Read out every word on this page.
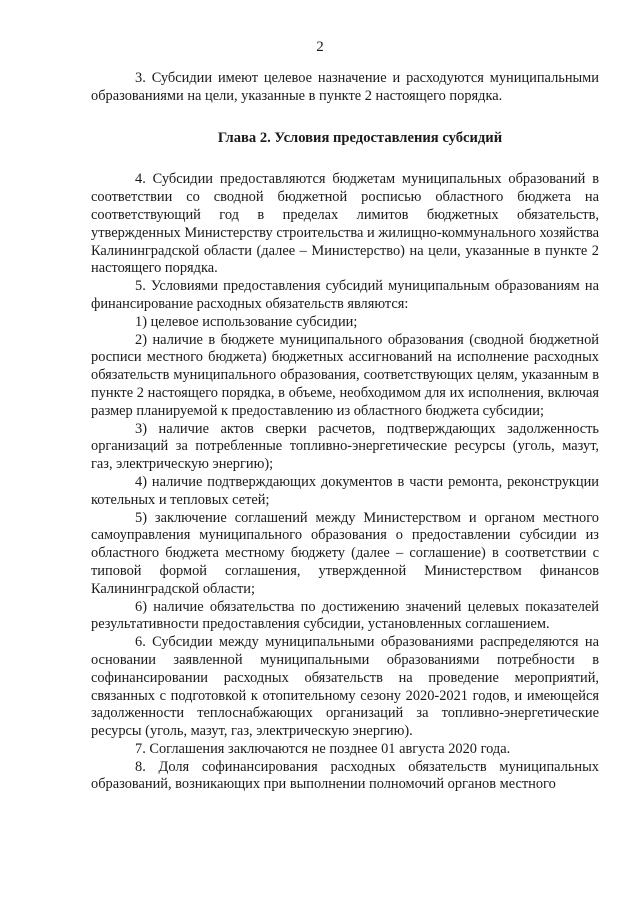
2

3. Субсидии имеют целевое назначение и расходуются муниципальными образованиями на цели, указанные в пункте 2 настоящего порядка.

Глава 2. Условия предоставления субсидий

4. Субсидии предоставляются бюджетам муниципальных образований в соответствии со сводной бюджетной росписью областного бюджета на соответствующий год в пределах лимитов бюджетных обязательств, утвержденных Министерству строительства и жилищно-коммунального хозяйства Калининградской области (далее – Министерство) на цели, указанные в пункте 2 настоящего порядка.

5. Условиями предоставления субсидий муниципальным образованиям на финансирование расходных обязательств являются:

1) целевое использование субсидии;

2) наличие в бюджете муниципального образования (сводной бюджетной росписи местного бюджета) бюджетных ассигнований на исполнение расходных обязательств муниципального образования, соответствующих целям, указанным в пункте 2 настоящего порядка, в объеме, необходимом для их исполнения, включая размер планируемой к предоставлению из областного бюджета субсидии;

3) наличие актов сверки расчетов, подтверждающих задолженность организаций за потребленные топливно-энергетические ресурсы (уголь, мазут, газ, электрическую энергию);

4) наличие подтверждающих документов в части ремонта, реконструкции котельных и тепловых сетей;

5) заключение соглашений между Министерством и органом местного самоуправления муниципального образования о предоставлении субсидии из областного бюджета местному бюджету (далее – соглашение) в соответствии с типовой формой соглашения, утвержденной Министерством финансов Калининградской области;

6) наличие обязательства по достижению значений целевых показателей результативности предоставления субсидии, установленных соглашением.

6. Субсидии между муниципальными образованиями распределяются на основании заявленной муниципальными образованиями потребности в софинансировании расходных обязательств на проведение мероприятий, связанных с подготовкой к отопительному сезону 2020-2021 годов, и имеющейся задолженности теплоснабжающих организаций за топливно-энергетические ресурсы (уголь, мазут, газ, электрическую энергию).

7. Соглашения заключаются не позднее 01 августа 2020 года.

8. Доля софинансирования расходных обязательств муниципальных образований, возникающих при выполнении полномочий органов местного
